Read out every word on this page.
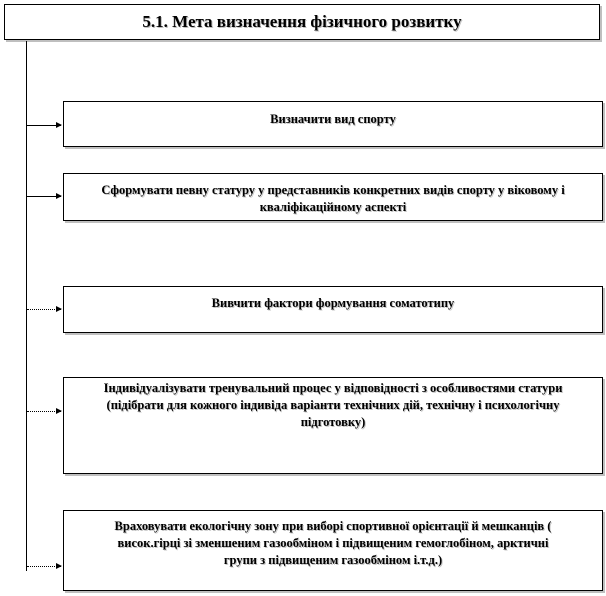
5.1. Мета визначення фізичного розвитку
Визначити вид спорту
Сформувати певну статуру у представників конкретних видів спорту у віковому і кваліфікаційному аспекті
Вивчити фактори формування соматотипу
Індивідуалізувати тренувальний процес у відповідності з особливостями статури (підібрати для кожного індивіда варіанти технічних дій, технічну і психологічну підготовку)
Враховувати екологічну зону при виборі спортивної орієнтації й мешканців ( висок.гірці зі зменшеним газообміном і підвищеним гемоглобіном, арктичні групи з підвищеним газообміном і.т.д.)
